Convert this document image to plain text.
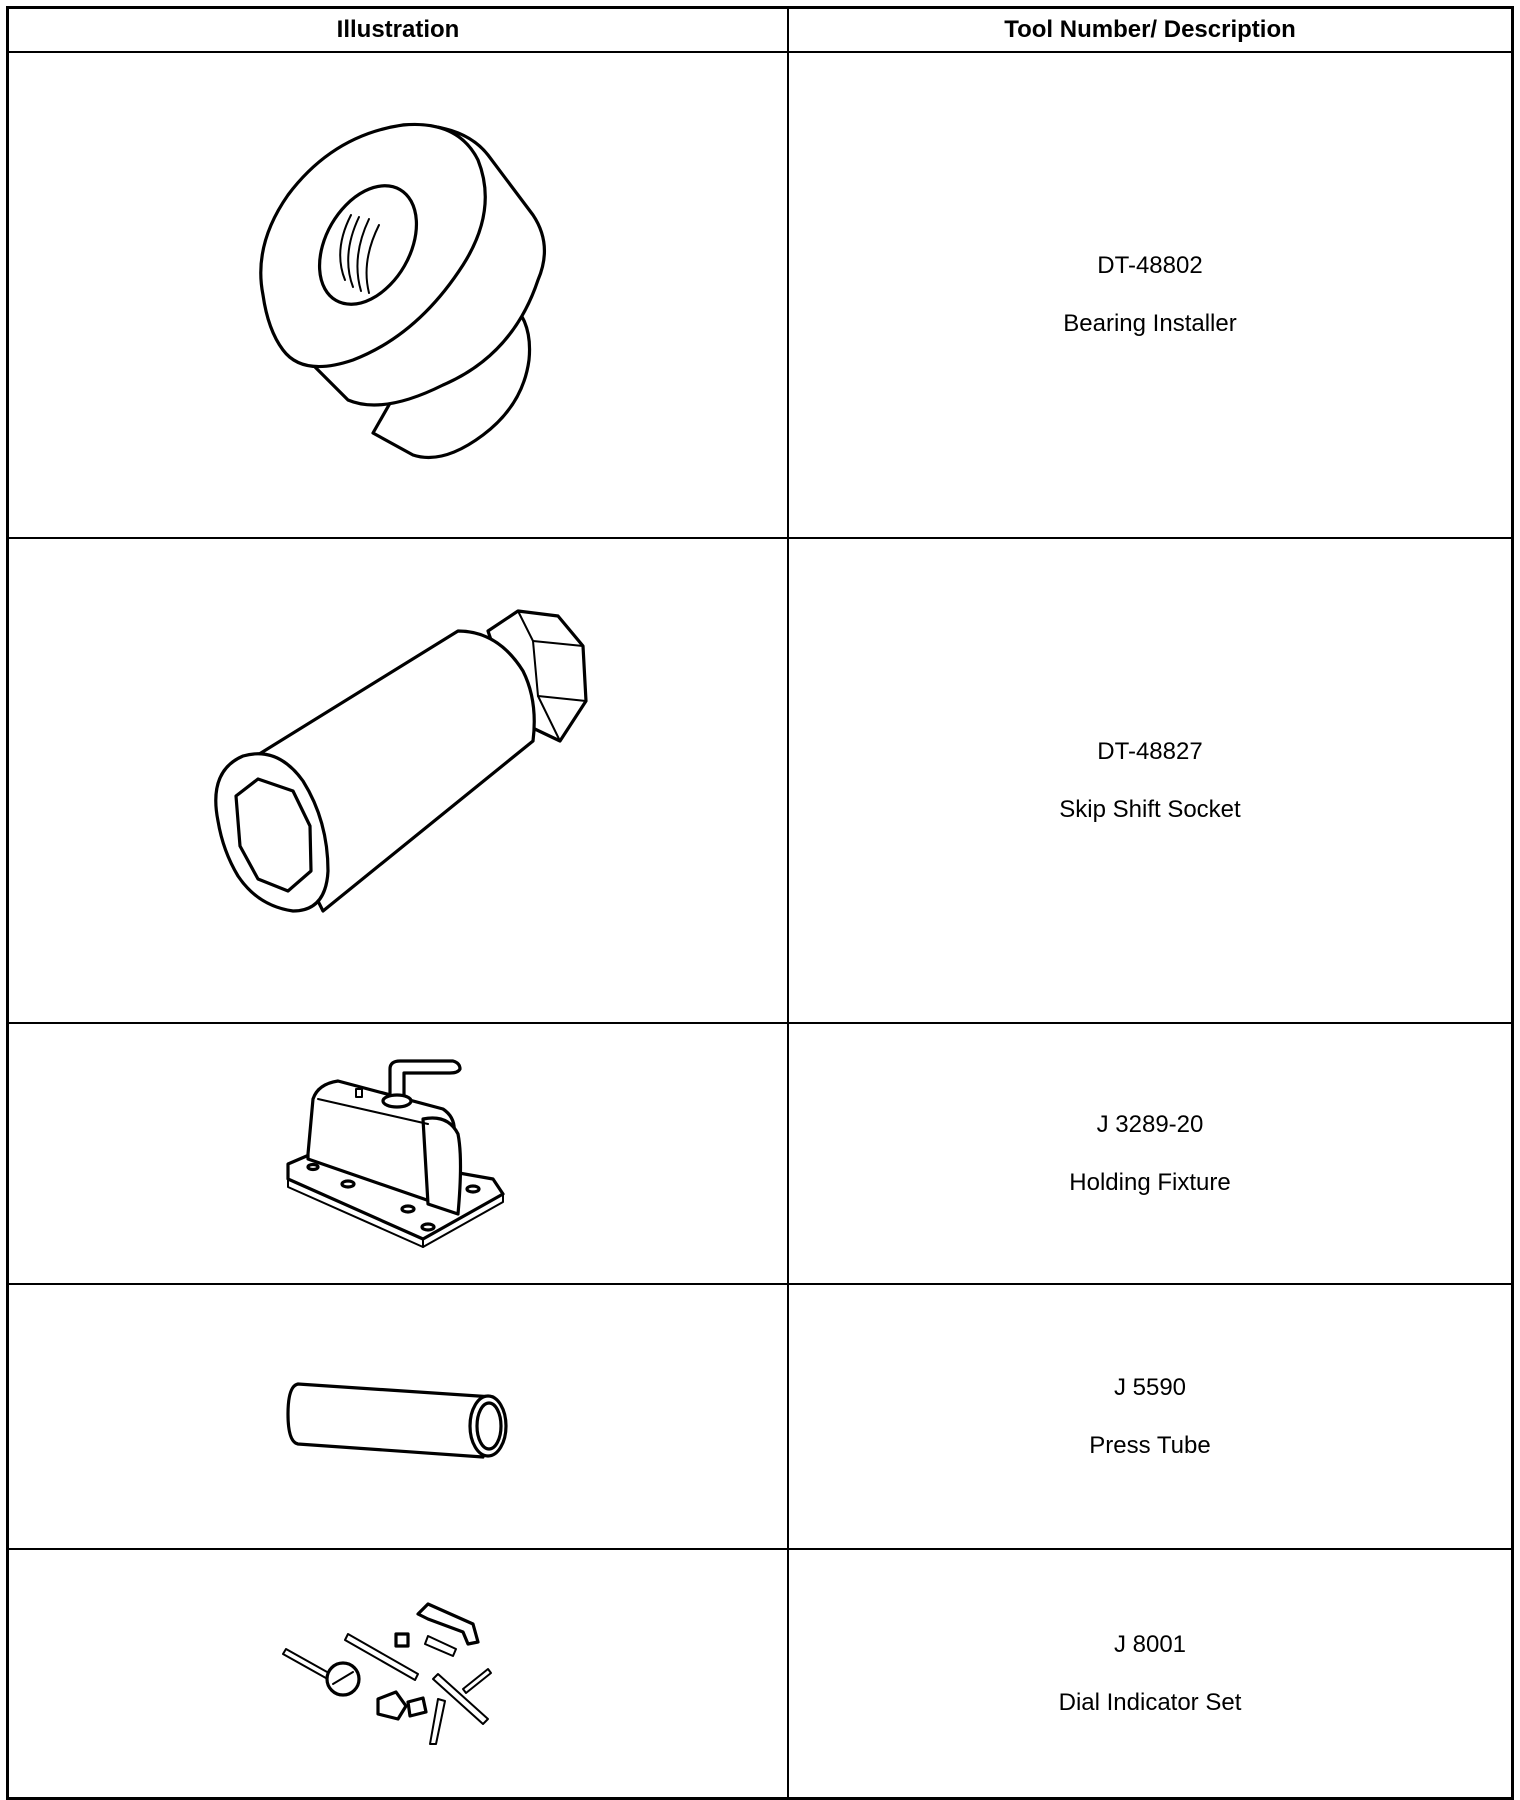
Illustration	Tool Number/ Description
DT-48802
Bearing Installer
DT-48827
Skip Shift Socket
J 3289-20
Holding Fixture
J 5590
Press Tube
J 8001
Dial Indicator Set
